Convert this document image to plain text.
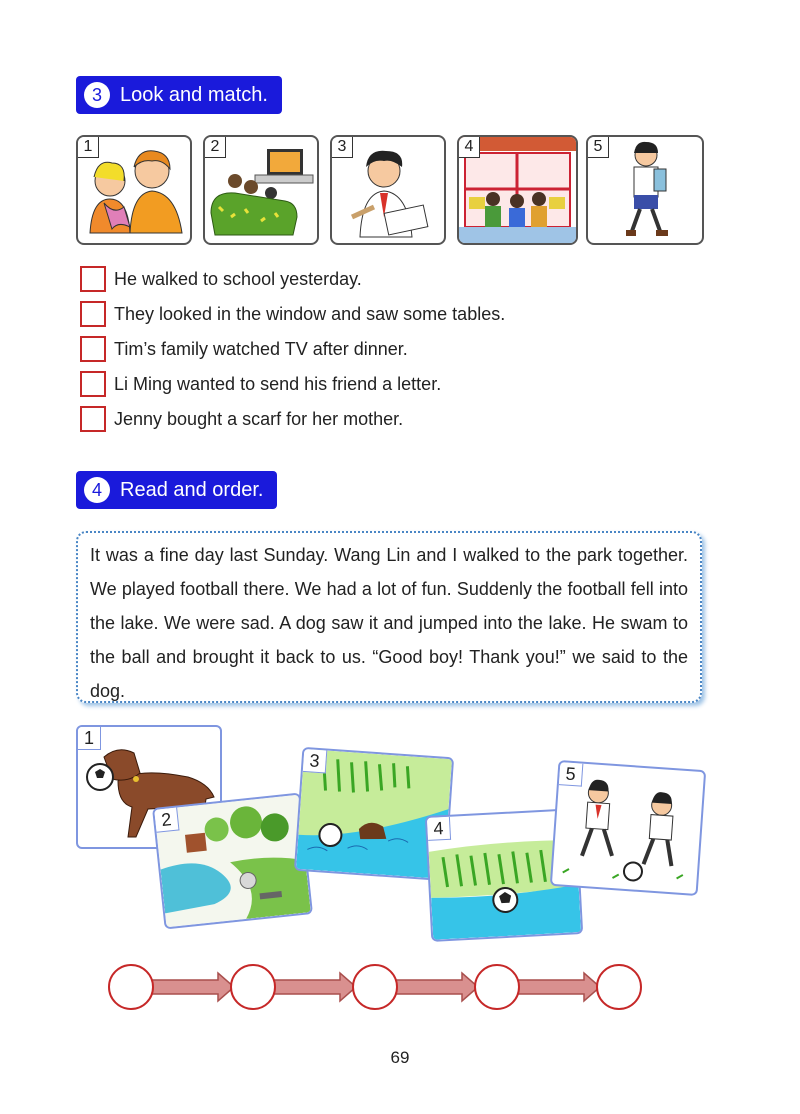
3 Look and match.
1	2	3	4	5
He walked to school yesterday.
They looked in the window and saw some tables.
Tim’s family watched TV after dinner.
Li Ming wanted to send his friend a letter.
Jenny bought a scarf for her mother.
4 Read and order.
It was a fine day last Sunday. Wang Lin and I walked to the park together. We played football there. We had a lot of fun. Suddenly the football fell into the lake. We were sad. A dog saw it and jumped into the lake. He swam to the ball and brought it back to us. “Good boy! Thank you!” we said to the dog.
1
2
3
4
5
69
